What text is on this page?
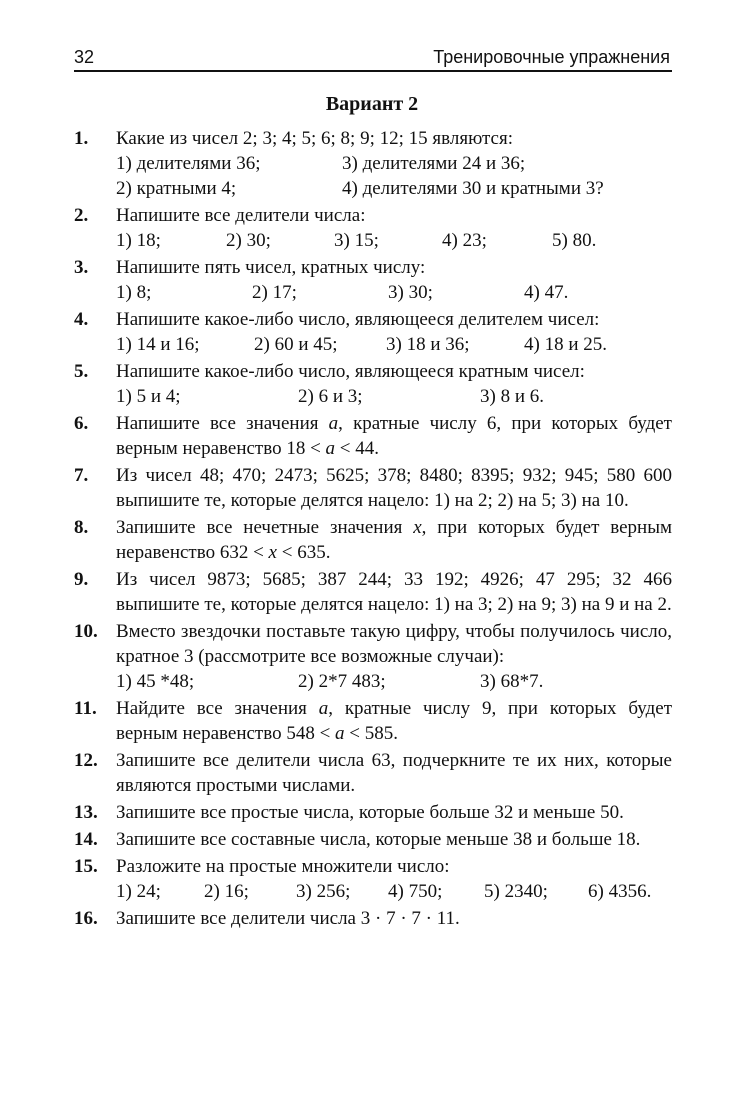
32	Тренировочные упражнения
Вариант 2
1. Какие из чисел 2; 3; 4; 5; 6; 8; 9; 12; 15 являются:
1) делителями 36;	3) делителями 24 и 36;
2) кратными 4;	4) делителями 30 и кратными 3?
2. Напишите все делители числа:
1) 18;	2) 30;	3) 15;	4) 23;	5) 80.
3. Напишите пять чисел, кратных числу:
1) 8;	2) 17;	3) 30;	4) 47.
4. Напишите какое-либо число, являющееся делителем чисел:
1) 14 и 16;	2) 60 и 45;	3) 18 и 36;	4) 18 и 25.
5. Напишите какое-либо число, являющееся кратным чисел:
1) 5 и 4;	2) 6 и 3;	3) 8 и 6.
6. Напишите все значения a, кратные числу 6, при которых будет верным неравенство 18 < a < 44.
7. Из чисел 48; 470; 2473; 5625; 378; 8480; 8395; 932; 945; 580 600 выпишите те, которые делятся нацело: 1) на 2; 2) на 5; 3) на 10.
8. Запишите все нечетные значения x, при которых будет верным неравенство 632 < x < 635.
9. Из чисел 9873; 5685; 387 244; 33 192; 4926; 47 295; 32 466 выпишите те, которые делятся нацело: 1) на 3; 2) на 9; 3) на 9 и на 2.
10. Вместо звездочки поставьте такую цифру, чтобы получилось число, кратное 3 (рассмотрите все возможные случаи):
1) 45 *48;	2) 2*7 483;	3) 68*7.
11. Найдите все значения a, кратные числу 9, при которых будет верным неравенство 548 < a < 585.
12. Запишите все делители числа 63, подчеркните те их них, которые являются простыми числами.
13. Запишите все простые числа, которые больше 32 и меньше 50.
14. Запишите все составные числа, которые меньше 38 и больше 18.
15. Разложите на простые множители число:
1) 24;	2) 16;	3) 256;	4) 750;	5) 2340;	6) 4356.
16. Запишите все делители числа 3 · 7 · 7 · 11.
